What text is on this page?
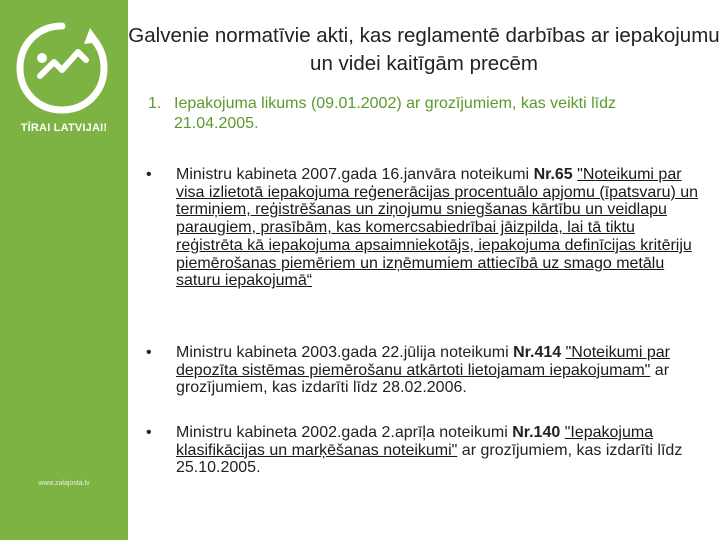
ZAĻĀ JOSTA
TĪRAI LATVIJAI!
www.zalajosta.lv
Galvenie normatīvie akti, kas reglamentē darbības ar iepakojumu un videi kaitīgām precēm
1. Iepakojuma likums (09.01.2002) ar grozījumiem, kas veikti līdz 21.04.2005.
• Ministru kabineta 2007.gada 16.janvāra noteikumi Nr.65 "Noteikumi par visa izlietotā iepakojuma reģenerācijas procentuālo apjomu (īpatsvaru) un termiņiem, reģistrēšanas un ziņojumu sniegšanas kārtību un veidlapu paraugiem, prasībām, kas komercsabiedrībai jāizpilda, lai tā tiktu reģistrēta kā iepakojuma apsaimniekotājs, iepakojuma definīcijas kritēriju piemērošanas piemēriem un izņēmumiem attiecībā uz smago metālu saturu iepakojumā“
• Ministru kabineta 2003.gada 22.jūlija noteikumi Nr.414 "Noteikumi par depozīta sistēmas piemērošanu atkārtoti lietojamam iepakojumam" ar grozījumiem, kas izdarīti līdz 28.02.2006.
• Ministru kabineta 2002.gada 2.aprīļa noteikumi Nr.140 "Iepakojuma klasifikācijas un marķēšanas noteikumi" ar grozījumiem, kas izdarīti līdz 25.10.2005.
